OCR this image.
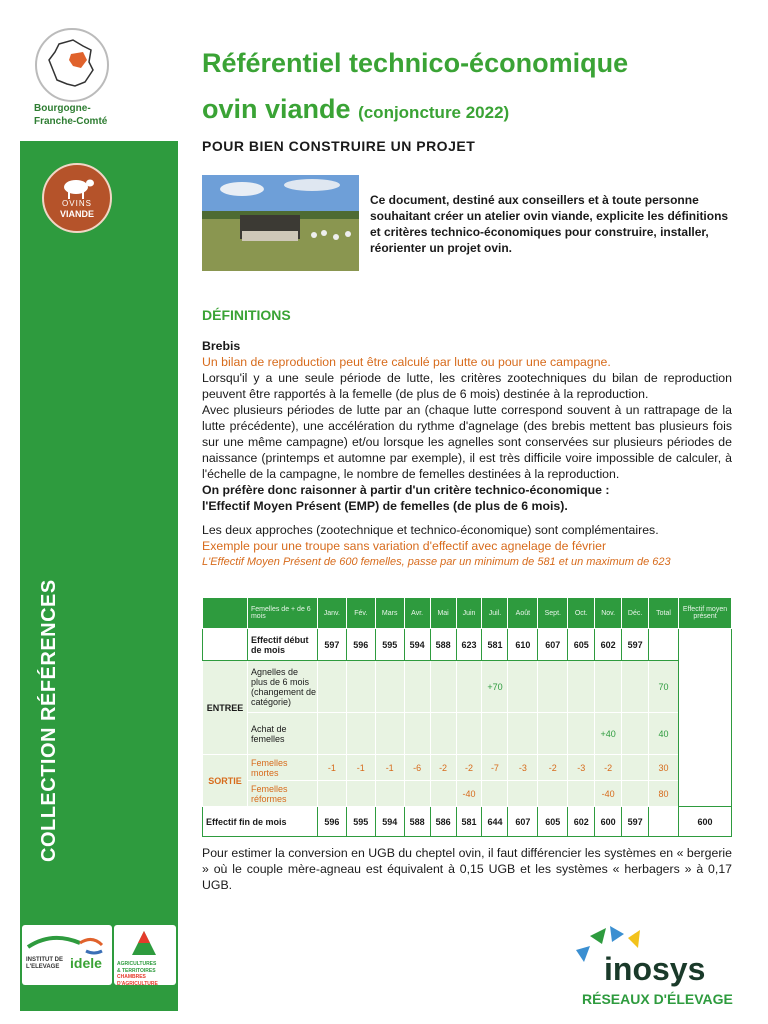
Bourgogne-
Franche-Comté
OVINS
VIANDE
COLLECTION RÉFÉRENCES
INSTITUT DE
L'ELEVAGE idele	AGRICULTURES
& TERRITOIRES
CHAMBRES D'AGRICULTURE
Référentiel technico-économique
ovin viande (conjoncture 2022)
POUR BIEN CONSTRUIRE UN PROJET
Ce document, destiné aux conseillers et à toute personne souhaitant créer un atelier ovin viande, explicite les définitions et critères technico-économiques pour construire, installer, réorienter un projet ovin.
DÉFINITIONS

Brebis

Un bilan de reproduction peut être calculé par lutte ou pour une campagne.

Lorsqu'il y a une seule période de lutte, les critères zootechniques du bilan de reproduction peuvent être rapportés à la femelle (de plus de 6 mois) destinée à la reproduction.

Avec plusieurs périodes de lutte par an (chaque lutte correspond souvent à un rattrapage de la lutte précédente), une accélération du rythme d'agnelage (des brebis mettent bas plusieurs fois sur une même campagne) et/ou lorsque les agnelles sont conservées sur plusieurs périodes de naissance (printemps et automne par exemple), il est très difficile voire impossible de calculer, à l'échelle de la campagne, le nombre de femelles destinées à la reproduction.

On préfère donc raisonner à partir d'un critère technico-économique :

l'Effectif Moyen Présent (EMP) de femelles (de plus de 6 mois).

Les deux approches (zootechnique et technico-économique) sont complémentaires.

Exemple pour une troupe sans variation d'effectif avec agnelage de février

L'Effectif Moyen Présent de 600 femelles, passe par un minimum de 581 et un maximum de 623

	Femelles de + de 6 mois	Janv.	Fév.	Mars	Avr.	Mai	Juin	Juil.	Août	Sept.	Oct.	Nov.	Déc.	Total	Effectif moyen présent
	Effectif début de mois	597	596	595	594	588	623	581	610	607	605	602	597		
ENTREE	Agnelles de plus de 6 mois (changement de catégorie)							+70						70	
	Achat de femelles											+40		40	
SORTIE	Femelles mortes	-1	-1	-1	-6	-2	-2	-7	-3	-2	-3	-2		30	
	Femelles réformes						-40					-40		80	
Effectif fin de mois		596	595	594	588	586	581	644	607	605	602	600	597		600
Pour estimer la conversion en UGB du cheptel ovin, il faut différencier les systèmes en « bergerie » où le couple mère-agneau est équivalent à 0,15 UGB et les systèmes « herbagers » à 0,17 UGB.
inosys
RÉSEAUX D'ÉLEVAGE
